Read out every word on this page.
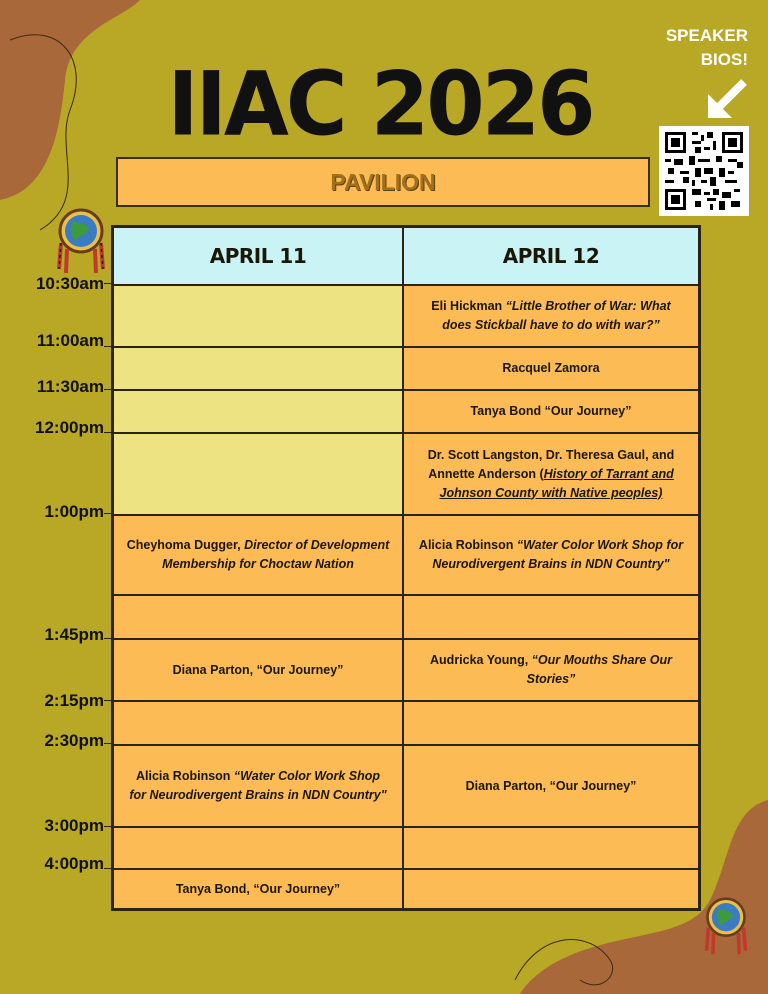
IIAC 2026
PAVILION
SPEAKER
BIOS!
10:30am
11:00am
11:30am
12:00pm
1:00pm
1:45pm
2:15pm
2:30pm
3:00pm
4:00pm
APRIL 11	APRIL 12
Cheyhoma Dugger, Director of Development Membership for Choctaw Nation
Diana Parton, “Our Journey”
Alicia Robinson “Water Color Work Shop for Neurodivergent Brains in NDN Country"
Tanya Bond, “Our Journey”
Eli Hickman “Little Brother of War: What does Stickball have to do with war?”
Racquel Zamora
Tanya Bond “Our Journey”
Dr. Scott Langston, Dr. Theresa Gaul, and Annette Anderson (History of Tarrant and Johnson County with Native peoples)
Alicia Robinson “Water Color Work Shop for Neurodivergent Brains in NDN Country"
Audricka Young, “Our Mouths Share Our Stories”
Diana Parton, “Our Journey”
